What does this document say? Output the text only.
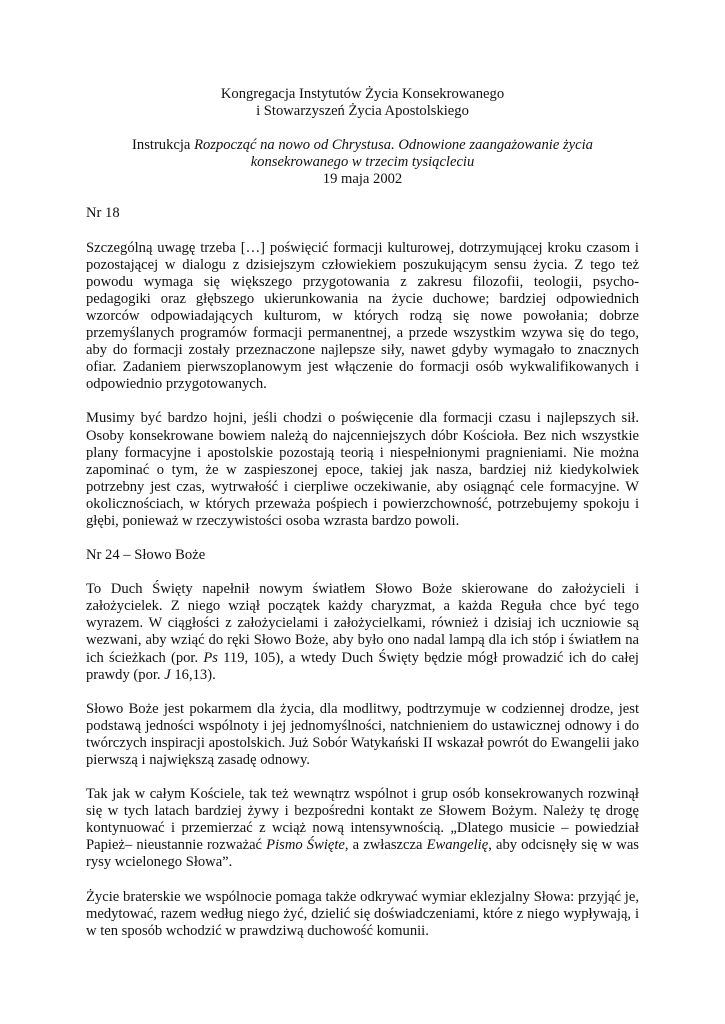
Kongregacja Instytutów Życia Konsekrowanego
i Stowarzyszeń Życia Apostolskiego
Instrukcja Rozpocząć na nowo od Chrystusa. Odnowione zaangażowanie życia
konsekrowanego w trzecim tysiącleciu
19 maja 2002

Nr 18

Szczególną uwagę trzeba […] poświęcić formacji kulturowej, dotrzymującej kroku czasom i pozostającej w dialogu z dzisiejszym człowiekiem poszukującym sensu życia. Z tego też powodu wymaga się większego przygotowania z zakresu filozofii, teologii, psycho-pedagogiki oraz głębszego ukierunkowania na życie duchowe; bardziej odpowiednich wzorców odpowiadających kulturom, w których rodzą się nowe powołania; dobrze przemyślanych programów formacji permanentnej, a przede wszystkim wzywa się do tego, aby do formacji zostały przeznaczone najlepsze siły, nawet gdyby wymagało to znacznych ofiar. Zadaniem pierwszoplanowym jest włączenie do formacji osób wykwalifikowanych i odpowiednio przygotowanych.

Musimy być bardzo hojni, jeśli chodzi o poświęcenie dla formacji czasu i najlepszych sił. Osoby konsekrowane bowiem należą do najcenniejszych dóbr Kościoła. Bez nich wszystkie plany formacyjne i apostolskie pozostają teorią i niespełnionymi pragnieniami. Nie można zapominać o tym, że w zaspieszonej epoce, takiej jak nasza, bardziej niż kiedykolwiek potrzebny jest czas, wytrwałość i cierpliwe oczekiwanie, aby osiągnąć cele formacyjne. W okolicznościach, w których przeważa pośpiech i powierzchowność, potrzebujemy spokoju i głębi, ponieważ w rzeczywistości osoba wzrasta bardzo powoli.

Nr 24 – Słowo Boże

To Duch Święty napełnił nowym światłem Słowo Boże skierowane do założycieli i założycielek. Z niego wziął początek każdy charyzmat, a każda Reguła chce być tego wyrazem. W ciągłości z założycielami i założycielkami, również i dzisiaj ich uczniowie są wezwani, aby wziąć do ręki Słowo Boże, aby było ono nadal lampą dla ich stóp i światłem na ich ścieżkach (por. Ps 119, 105), a wtedy Duch Święty będzie mógł prowadzić ich do całej prawdy (por. J 16,13).

Słowo Boże jest pokarmem dla życia, dla modlitwy, podtrzymuje w codziennej drodze, jest podstawą jedności wspólnoty i jej jednomyślności, natchnieniem do ustawicznej odnowy i do twórczych inspiracji apostolskich. Już Sobór Watykański II wskazał powrót do Ewangelii jako pierwszą i największą zasadę odnowy.

Tak jak w całym Kościele, tak też wewnątrz wspólnot i grup osób konsekrowanych rozwinął się w tych latach bardziej żywy i bezpośredni kontakt ze Słowem Bożym. Należy tę drogę kontynuować i przemierzać z wciąż nową intensywnością. „Dlatego musicie – powiedział Papież– nieustannie rozważać Pismo Święte, a zwłaszcza Ewangelię, aby odcisnęły się w was rysy wcielonego Słowa”.

Życie braterskie we wspólnocie pomaga także odkrywać wymiar eklezjalny Słowa: przyjąć je, medytować, razem według niego żyć, dzielić się doświadczeniami, które z niego wypływają, i w ten sposób wchodzić w prawdziwą duchowość komunii.
